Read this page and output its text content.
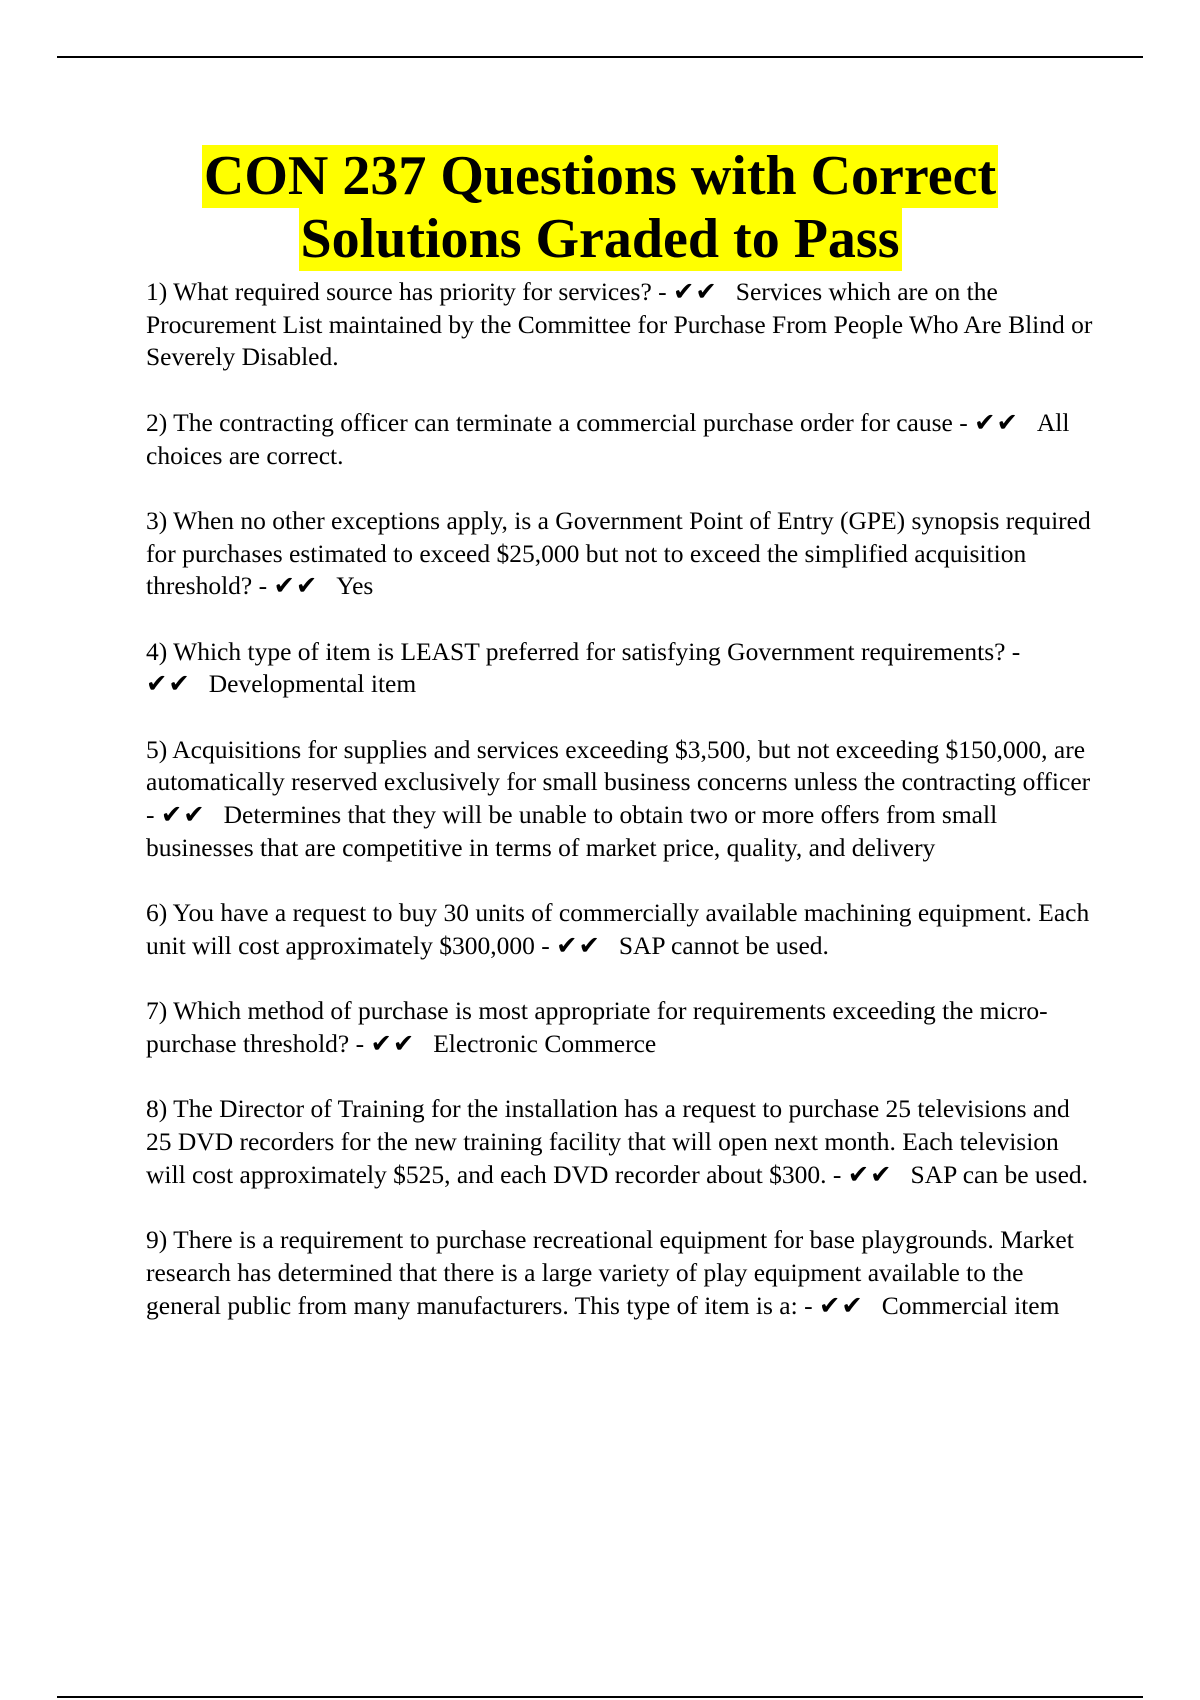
CON 237 Questions with Correct
Solutions Graded to Pass

1) What required source has priority for services? - ✔✔ Services which are on the Procurement List maintained by the Committee for Purchase From People Who Are Blind or Severely Disabled.

2) The contracting officer can terminate a commercial purchase order for cause - ✔✔ All choices are correct.

3) When no other exceptions apply, is a Government Point of Entry (GPE) synopsis required for purchases estimated to exceed $25,000 but not to exceed the simplified acquisition threshold? - ✔✔ Yes

4) Which type of item is LEAST preferred for satisfying Government requirements? - ✔✔ Developmental item

5) Acquisitions for supplies and services exceeding $3,500, but not exceeding $150,000, are automatically reserved exclusively for small business concerns unless the contracting officer - ✔✔ Determines that they will be unable to obtain two or more offers from small businesses that are competitive in terms of market price, quality, and delivery

6) You have a request to buy 30 units of commercially available machining equipment. Each unit will cost approximately $300,000 - ✔✔ SAP cannot be used.

7) Which method of purchase is most appropriate for requirements exceeding the micro-purchase threshold? - ✔✔ Electronic Commerce

8) The Director of Training for the installation has a request to purchase 25 televisions and 25 DVD recorders for the new training facility that will open next month. Each television will cost approximately $525, and each DVD recorder about $300. - ✔✔ SAP can be used.

9) There is a requirement to purchase recreational equipment for base playgrounds. Market research has determined that there is a large variety of play equipment available to the general public from many manufacturers. This type of item is a: - ✔✔ Commercial item
